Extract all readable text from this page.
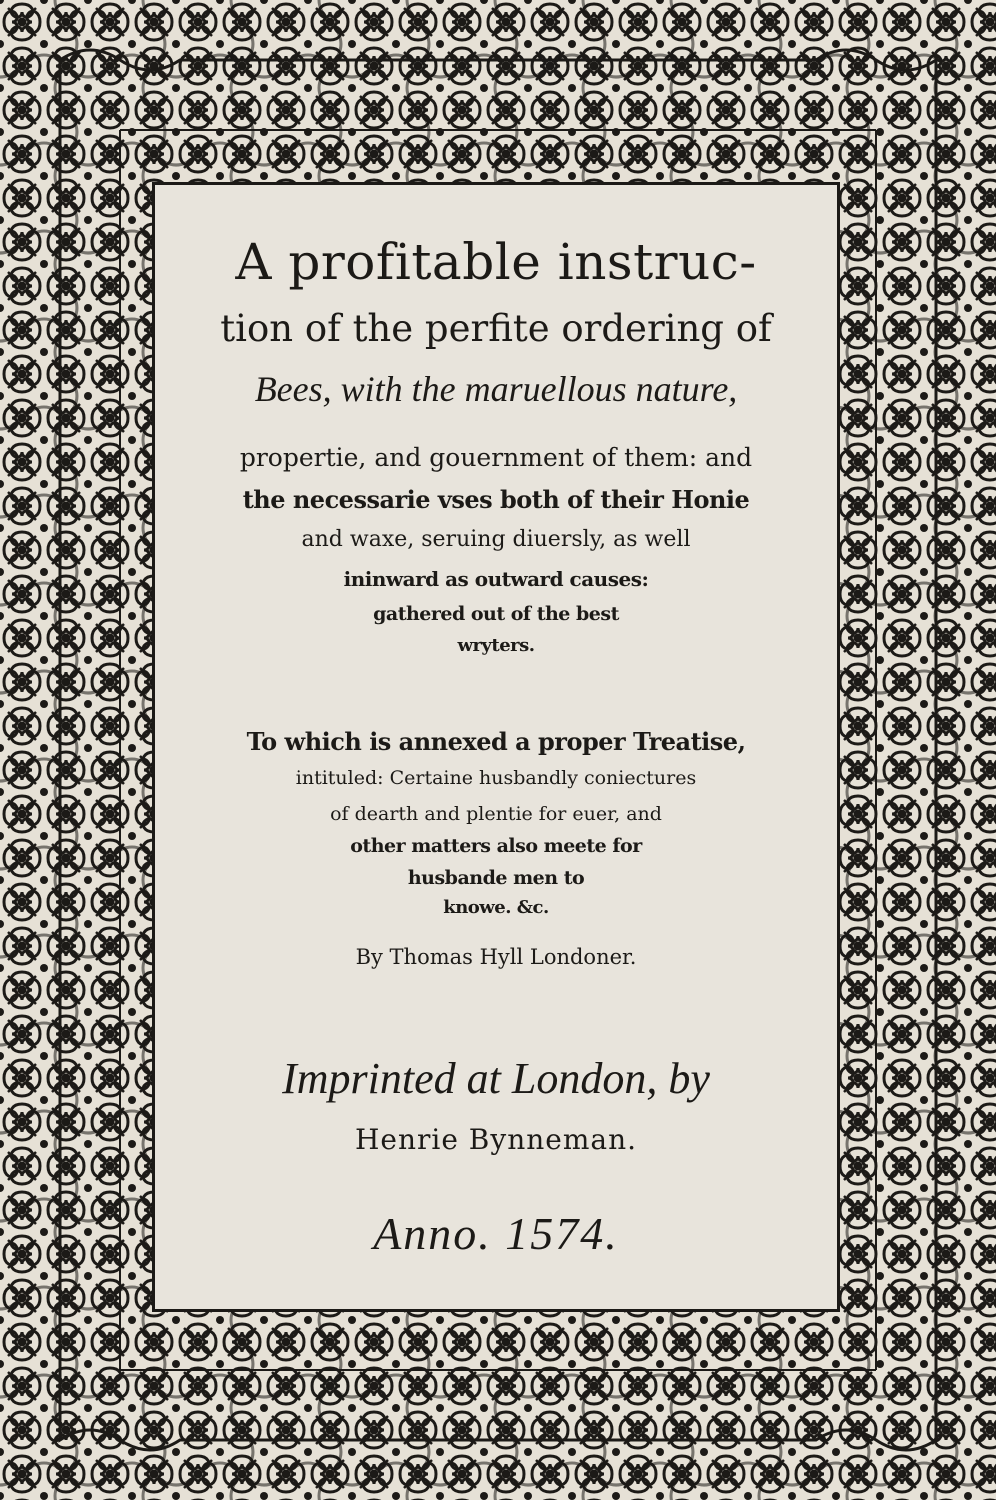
A profitable instruc-

tion of the perfite ordering of

Bees, with the maruellous nature,

propertie, and gouernment of them: and

the necessarie vses both of their Honie

and waxe, seruing diuersly, as well

ininward as outward causes:

gathered out of the best

wryters.

To which is annexed a proper Treatise,

intituled: Certaine husbandly coniectures

of dearth and plentie for euer, and

other matters also meete for

husbande men to

knowe. &c.

By Thomas Hyll Londoner.

Imprinted at London, by

Henrie Bynneman.

Anno. 1574.
